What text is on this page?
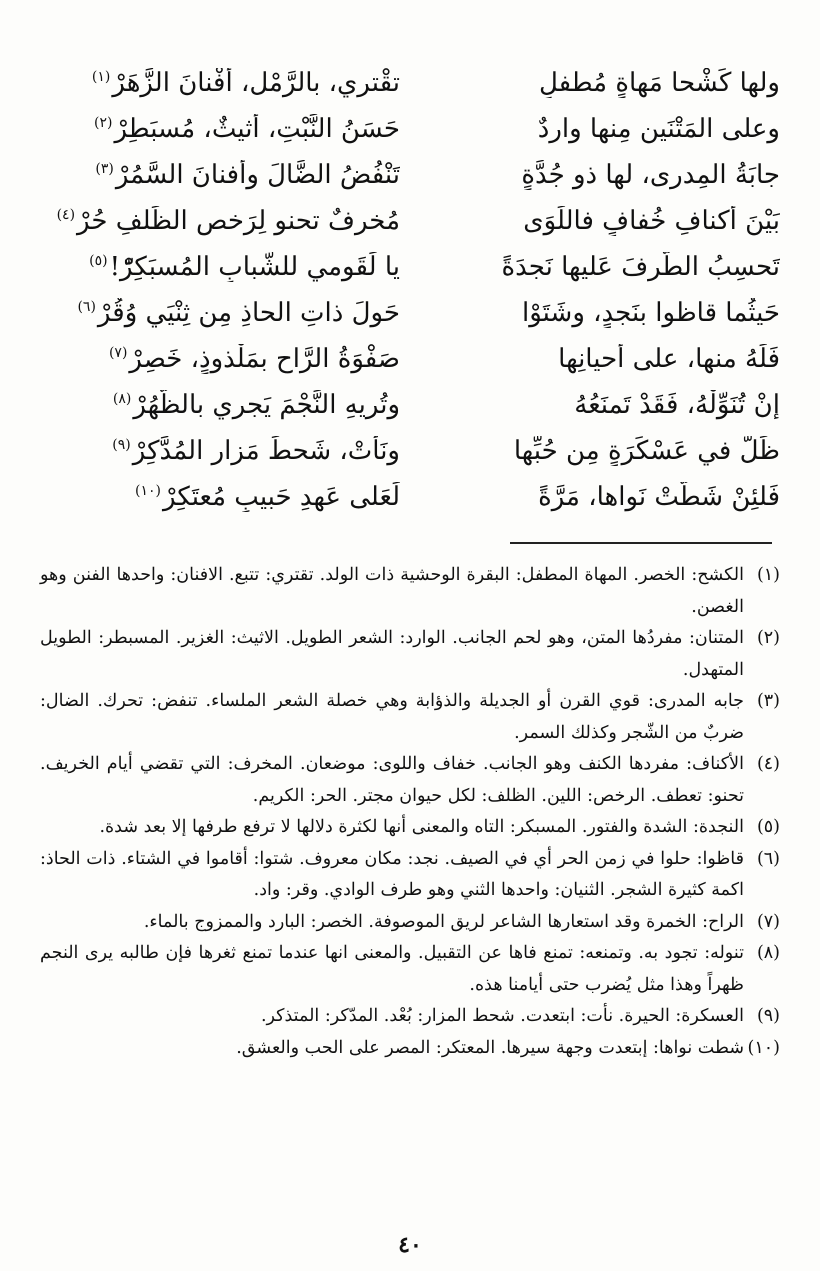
ولها كَشْحا مَهاةٍ مُطفلٍ
تقْتري، بالرَّمْل، أفْنانَ الزَّهَرْ$^{(١)}$
وعلى المَتْنَينِ مِنها واردٌ
حَسَنُ النَّبْتِ، أثيثٌ، مُسبَطِرْ$^{(٢)}$
جابَةُ المِدرى، لها ذو جُدَّةٍ
تَنْفُضُ الضَّالَ وأفنانَ السَّمُرْ$^{(٣)}$
بَيْنَ أكنافِ خُفافٍ فاللِّوَى
مُخرِفٌ تحنو لِرَخصِ الظِّلفِ حُرْ$^{(٤)}$
تَحسِبُ الطَّرفَ عَليها نَجدَةً
يا لَقَومي للشَّبابِ المُسبَكِرّْ!$^{(٥)}$
حَيثُما قاظوا بنَجدٍ، وشَتَوْا
حَولَ ذاتِ الحاذِ مِن ثِنْيَي وُقُرْ$^{(٦)}$
فَلَهُ منها، على أحيانِها
صَفْوَةُ الرَّاحِ بمَلْذوذٍ، خَصِرْ$^{(٧)}$
إنْ تُنَوِّلْهُ، فَقَدْ تَمنَعُهُ
وتُريهِ النَّجْمَ يَجري بالظُّهُرْ$^{(٨)}$
ظَلَّ في عَسْكَرَةٍ مِن حُبِّها
ونَأَتْ، شَحطَ مَزارِ المُدَّكِرْ$^{(٩)}$
فَلئِنْ شَطَّتْ نَواها، مَرَّةً
لَعَلى عَهدِ حَبيبٍ مُعتَكِرْ$^{(١٠)}$

(١)
الكشح: الخصر. المهاة المطفل: البقرة الوحشية ذات الولد. تقتري: تتبع. الافنان: واحدها الفنن وهو الغصن.

(٢)
المتنان: مفردُها المتن، وهو لحم الجانب. الوارد: الشعر الطويل. الاثيث: الغزير. المسبطر: الطويل المتهدل.

(٣)
جابه المدرى: قوي القرن أو الجديلة والذؤابة وهي خصلة الشعر الملساء. تنفض: تحرك. الضال: ضربٌ من الشّجر وكذلك السمر.

(٤)
الأكناف: مفردها الكنف وهو الجانب. خفاف واللوى: موضعان. المخرف: التي تقضي أيام الخريف. تحنو: تعطف. الرخص: اللين. الظلف: لكل حيوان مجتر. الحر: الكريم.

(٥)
النجدة: الشدة والفتور. المسبكر: التاه والمعنى أنها لكثرة دلالها لا ترفع طرفها إلا بعد شدة.

(٦)
قاظوا: حلوا في زمن الحر أي في الصيف. نجد: مكان معروف. شتوا: أقاموا في الشتاء. ذات الحاذ: اكمة كثيرة الشجر. الثنيان: واحدها الثني وهو طرف الوادي. وقر: واد.

(٧)
الراح: الخمرة وقد استعارها الشاعر لريق الموصوفة. الخصر: البارد والممزوج بالماء.

(٨)
تنوله: تجود به. وتمنعه: تمنع فاها عن التقبيل. والمعنى انها عندما تمنع ثغرها فإن طالبه يرى النجم ظهراً وهذا مثل يُضرب حتى أيامنا هذه.

(٩)
العسكرة: الحيرة. نأت: ابتعدت. شحط المزار: بُعْد. المدّكر: المتذكر.

(١٠)
شطت نواها: إبتعدت وجهة سيرها. المعتكر: المصر على الحب والعشق.

٤٠
